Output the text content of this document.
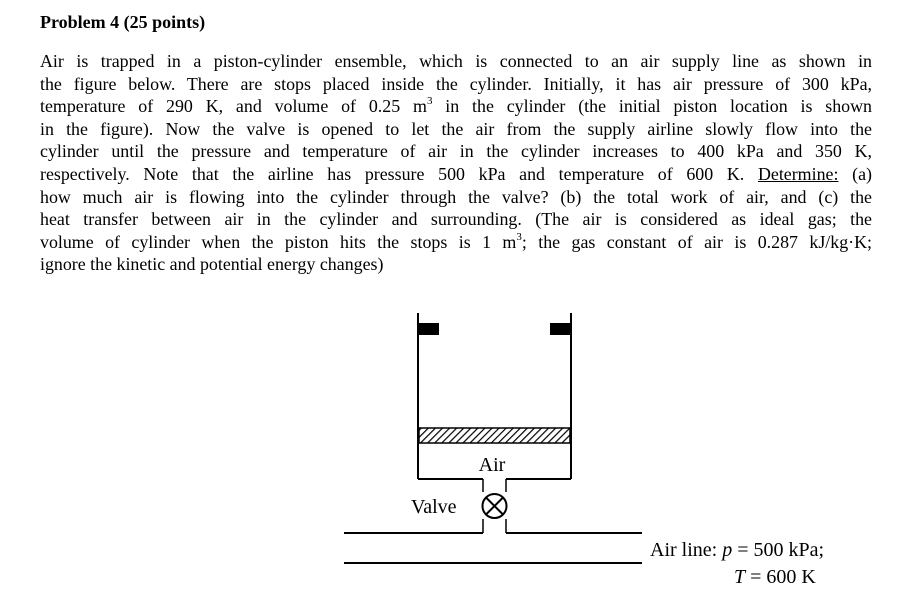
Problem 4 (25 points)
Air is trapped in a piston-cylinder ensemble, which is connected to an air supply line as shown in
the figure below. There are stops placed inside the cylinder. Initially, it has air pressure of 300 kPa,
temperature of 290 K, and volume of 0.25 $m^3$ in the cylinder (the initial piston location is shown
in the figure). Now the valve is opened to let the air from the supply airline slowly flow into the
cylinder until the pressure and temperature of air in the cylinder increases to 400 kPa and 350 K,
respectively. Note that the airline has pressure 500 kPa and temperature of 600 K. Determine: (a)
how much air is flowing into the cylinder through the valve? (b) the total work of air, and (c) the
heat transfer between air in the cylinder and surrounding. (The air is considered as ideal gas; the
volume of cylinder when the piston hits the stops is 1 $m^3$; the gas constant of air is 0.287 kJ/kg·K;
ignore the kinetic and potential energy changes)
Air
Valve
Air line: p = 500 kPa;
T = 600 K
